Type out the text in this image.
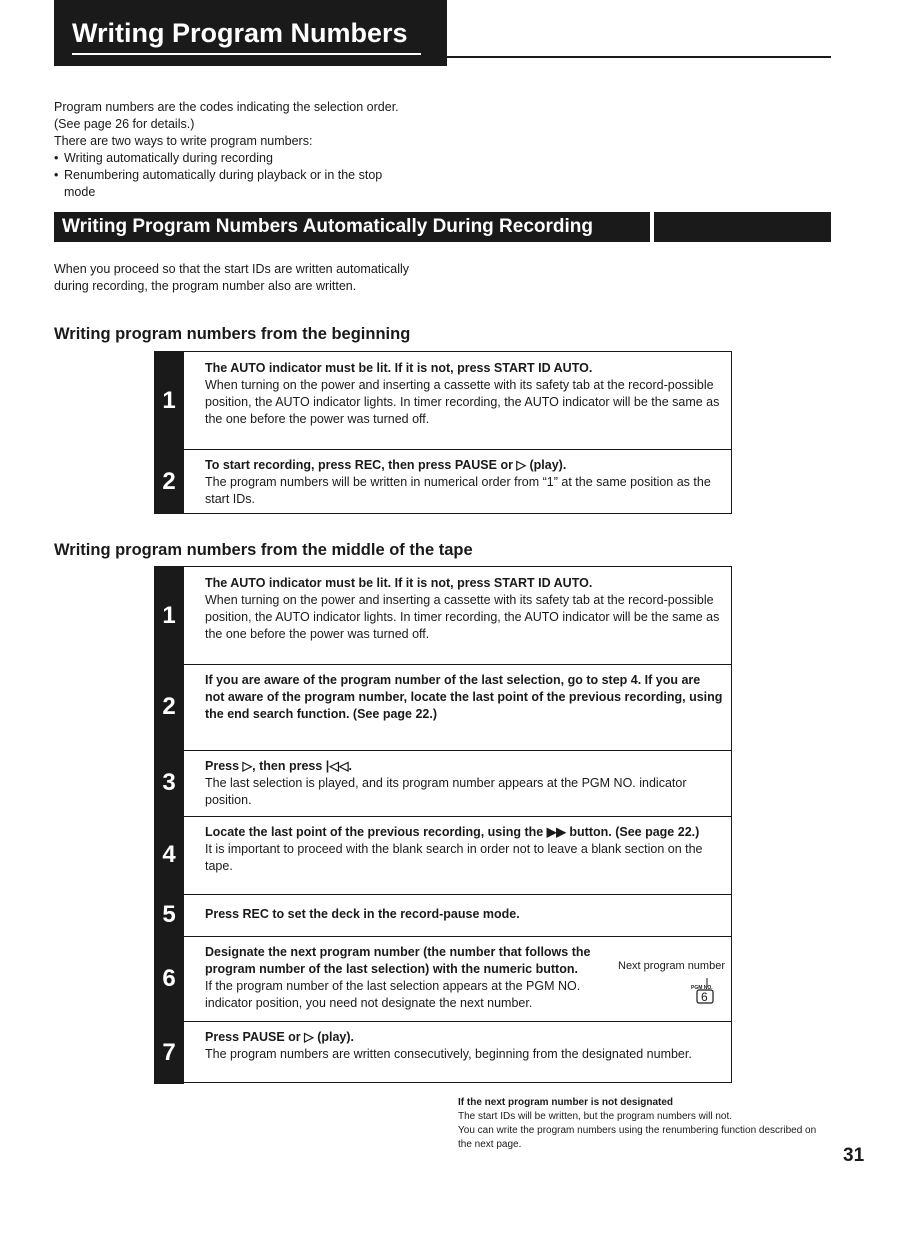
Writing Program Numbers

Program numbers are the codes indicating the selection order.

(See page 26 for details.)

There are two ways to write program numbers:

• Writing automatically during recording
• Renumbering automatically during playback or in the stop mode
Writing Program Numbers Automatically During Recording
When you proceed so that the start IDs are written automatically during recording, the program number also are written.
Writing program numbers from the beginning
1

The AUTO indicator must be lit. If it is not, press START ID AUTO.

When turning on the power and inserting a cassette with its safety tab at the record-possible position, the AUTO indicator lights. In timer recording, the AUTO indicator will be the same as the one before the power was turned off.

2

To start recording, press REC, then press PAUSE or ▷ (play).

The program numbers will be written in numerical order from “1” at the same position as the start IDs.

Writing program numbers from the middle of the tape
1

The AUTO indicator must be lit. If it is not, press START ID AUTO.

When turning on the power and inserting a cassette with its safety tab at the record-possible position, the AUTO indicator lights. In timer recording, the AUTO indicator will be the same as the one before the power was turned off.

2

If you are aware of the program number of the last selection, go to step 4. If you are not aware of the program number, locate the last point of the previous recording, using the end search function. (See page 22.)

3

Press ▷, then press |◁◁.

The last selection is played, and its program number appears at the PGM NO. indicator position.

4

Locate the last point of the previous recording, using the ▶▶ button. (See page 22.)

It is important to proceed with the blank search in order not to leave a blank section on the tape.

5	Press REC to set the deck in the record-pause mode.

6

Designate the next program number (the number that follows the program number of the last selection) with the numeric button.

If the program number of the last selection appears at the PGM NO. indicator position, you need not designate the next number.

7

Press PAUSE or ▷ (play).

The program numbers are written consecutively, beginning from the designated number.

Next program number
PGM NO.
6

If the next program number is not designated

The start IDs will be written, but the program numbers will not.

You can write the program numbers using the renumbering function described on the next page.

31
